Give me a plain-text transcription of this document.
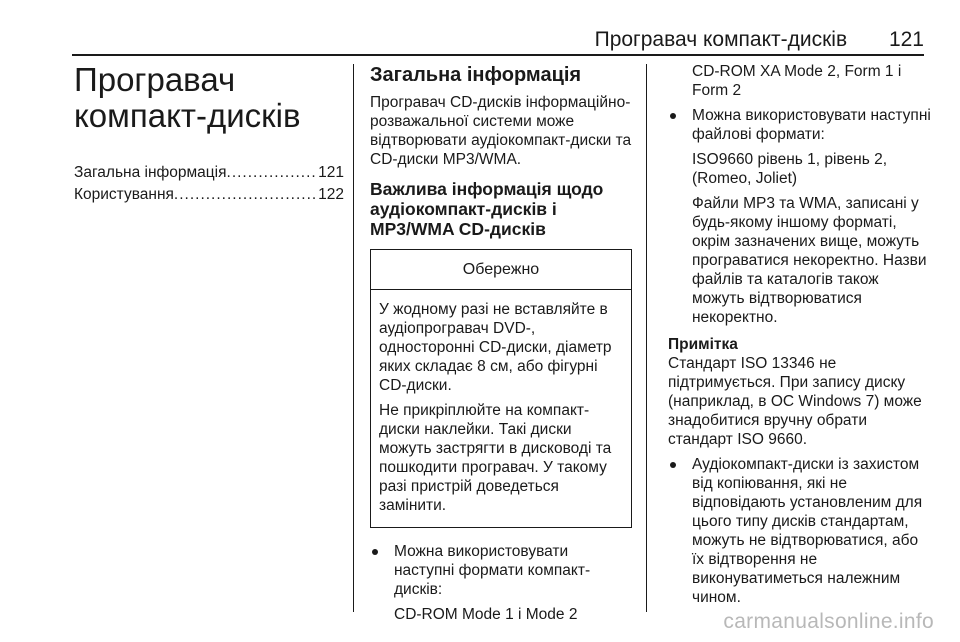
Програвач компакт-дисків 121
Програвач
компакт-дисків
Загальна інформація .....	121
Користування .....	122
Загальна інформація

Програвач CD-дисків інформаційно-розважальної системи може відтворювати аудіокомпакт-диски та CD-диски MP3/WMA.

Важлива інформація щодо аудіокомпакт-дисків і MP3/WMA CD-дисків
Обережно

У жодному разі не вставляйте в аудіопрогравач DVD-, односторонні CD-диски, діаметр яких складає 8 см, або фігурні CD-диски.

Не прикріплюйте на компакт-диски наклейки. Такі диски можуть застрягти в дисководі та пошкодити програвач. У такому разі пристрій доведеться замінити.

Можна використовувати наступні формати компакт-дисків:

CD-ROM Mode 1 і Mode 2

CD-ROM XA Mode 2, Form 1 і Form 2

Можна використовувати наступні файлові формати:

ISO9660 рівень 1, рівень 2, (Romeo, Joliet)

Файли MP3 та WMA, записані у будь-якому іншому форматі, окрім зазначених вище, можуть програватися некоректно. Назви файлів та каталогів також можуть відтворюватися некоректно.

Примітка

Стандарт ISO 13346 не підтримується. При запису диску (наприклад, в ОС Windows 7) може знадобитися вручну обрати стандарт ISO 9660.

Аудіокомпакт-диски із захистом від копіювання, які не відповідають установленим для цього типу дисків стандартам, можуть не відтворюватися, або їх відтворення не виконуватиметься належним чином.

carmanualsonline.info
